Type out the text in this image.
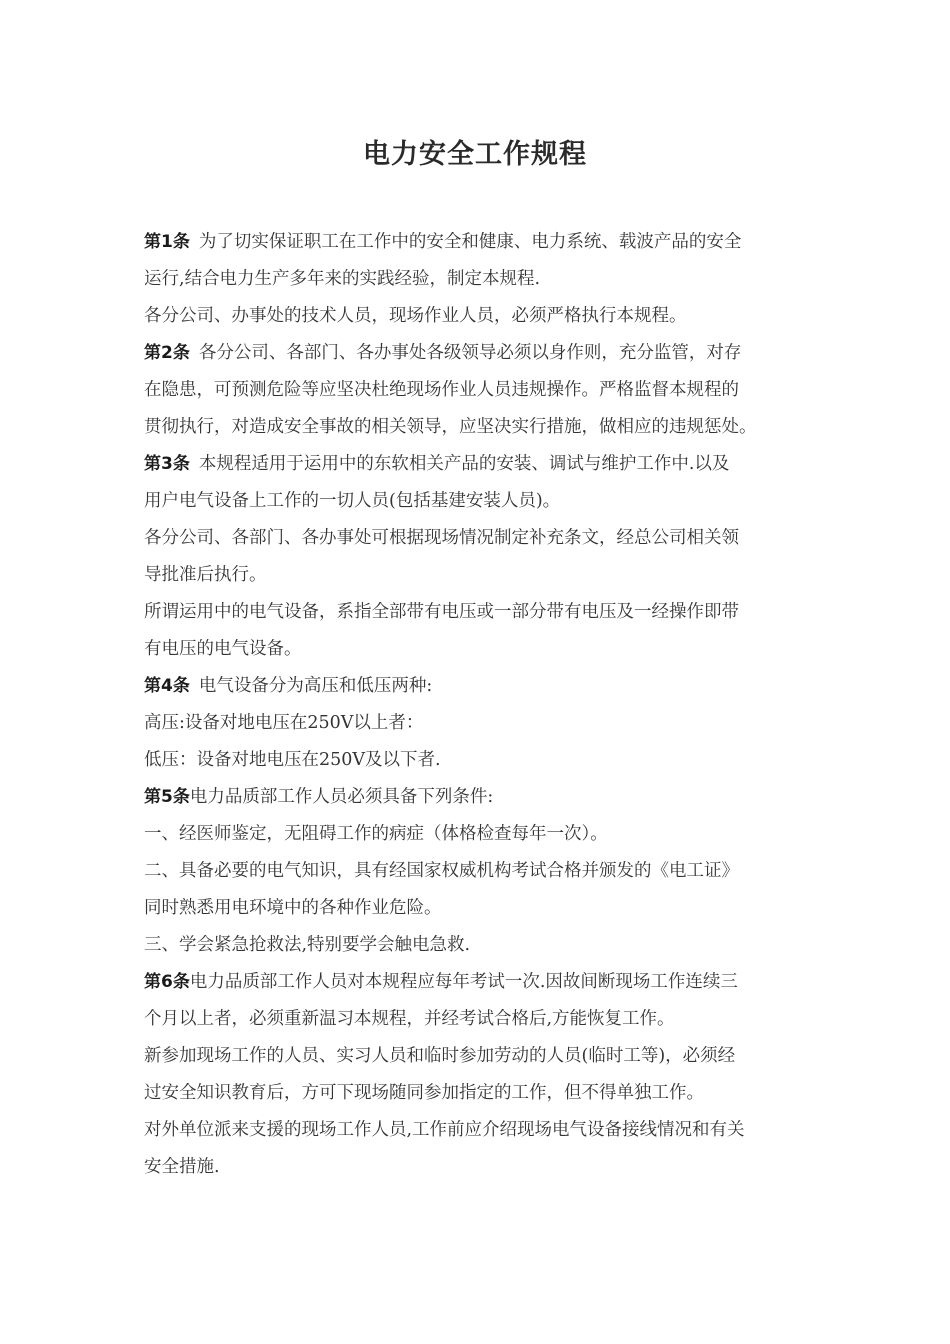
电力安全工作规程
第1条 为了切实保证职工在工作中的安全和健康、电力系统、载波产品的安全
运行,结合电力生产多年来的实践经验，制定本规程.
各分公司、办事处的技术人员，现场作业人员，必须严格执行本规程。
第2条 各分公司、各部门、各办事处各级领导必须以身作则，充分监管，对存
在隐患，可预测危险等应坚决杜绝现场作业人员违规操作。严格监督本规程的
贯彻执行，对造成安全事故的相关领导，应坚决实行措施，做相应的违规惩处。
第3条 本规程适用于运用中的东软相关产品的安装、调试与维护工作中.以及
用户电气设备上工作的一切人员(包括基建安装人员)。
各分公司、各部门、各办事处可根据现场情况制定补充条文，经总公司相关领
导批准后执行。
所谓运用中的电气设备，系指全部带有电压或一部分带有电压及一经操作即带
有电压的电气设备。
第4条 电气设备分为高压和低压两种:
高压:设备对地电压在250V以上者：
低压：设备对地电压在250V及以下者.
第5条电力品质部工作人员必须具备下列条件:
一、经医师鉴定，无阻碍工作的病症（体格检查每年一次）。
二、具备必要的电气知识，具有经国家权威机构考试合格并颁发的《电工证》
同时熟悉用电环境中的各种作业危险。
三、学会紧急抢救法,特别要学会触电急救.
第6条电力品质部工作人员对本规程应每年考试一次.因故间断现场工作连续三
个月以上者，必须重新温习本规程，并经考试合格后,方能恢复工作。
新参加现场工作的人员、实习人员和临时参加劳动的人员(临时工等)，必须经
过安全知识教育后，方可下现场随同参加指定的工作，但不得单独工作。
对外单位派来支援的现场工作人员,工作前应介绍现场电气设备接线情况和有关
安全措施.
